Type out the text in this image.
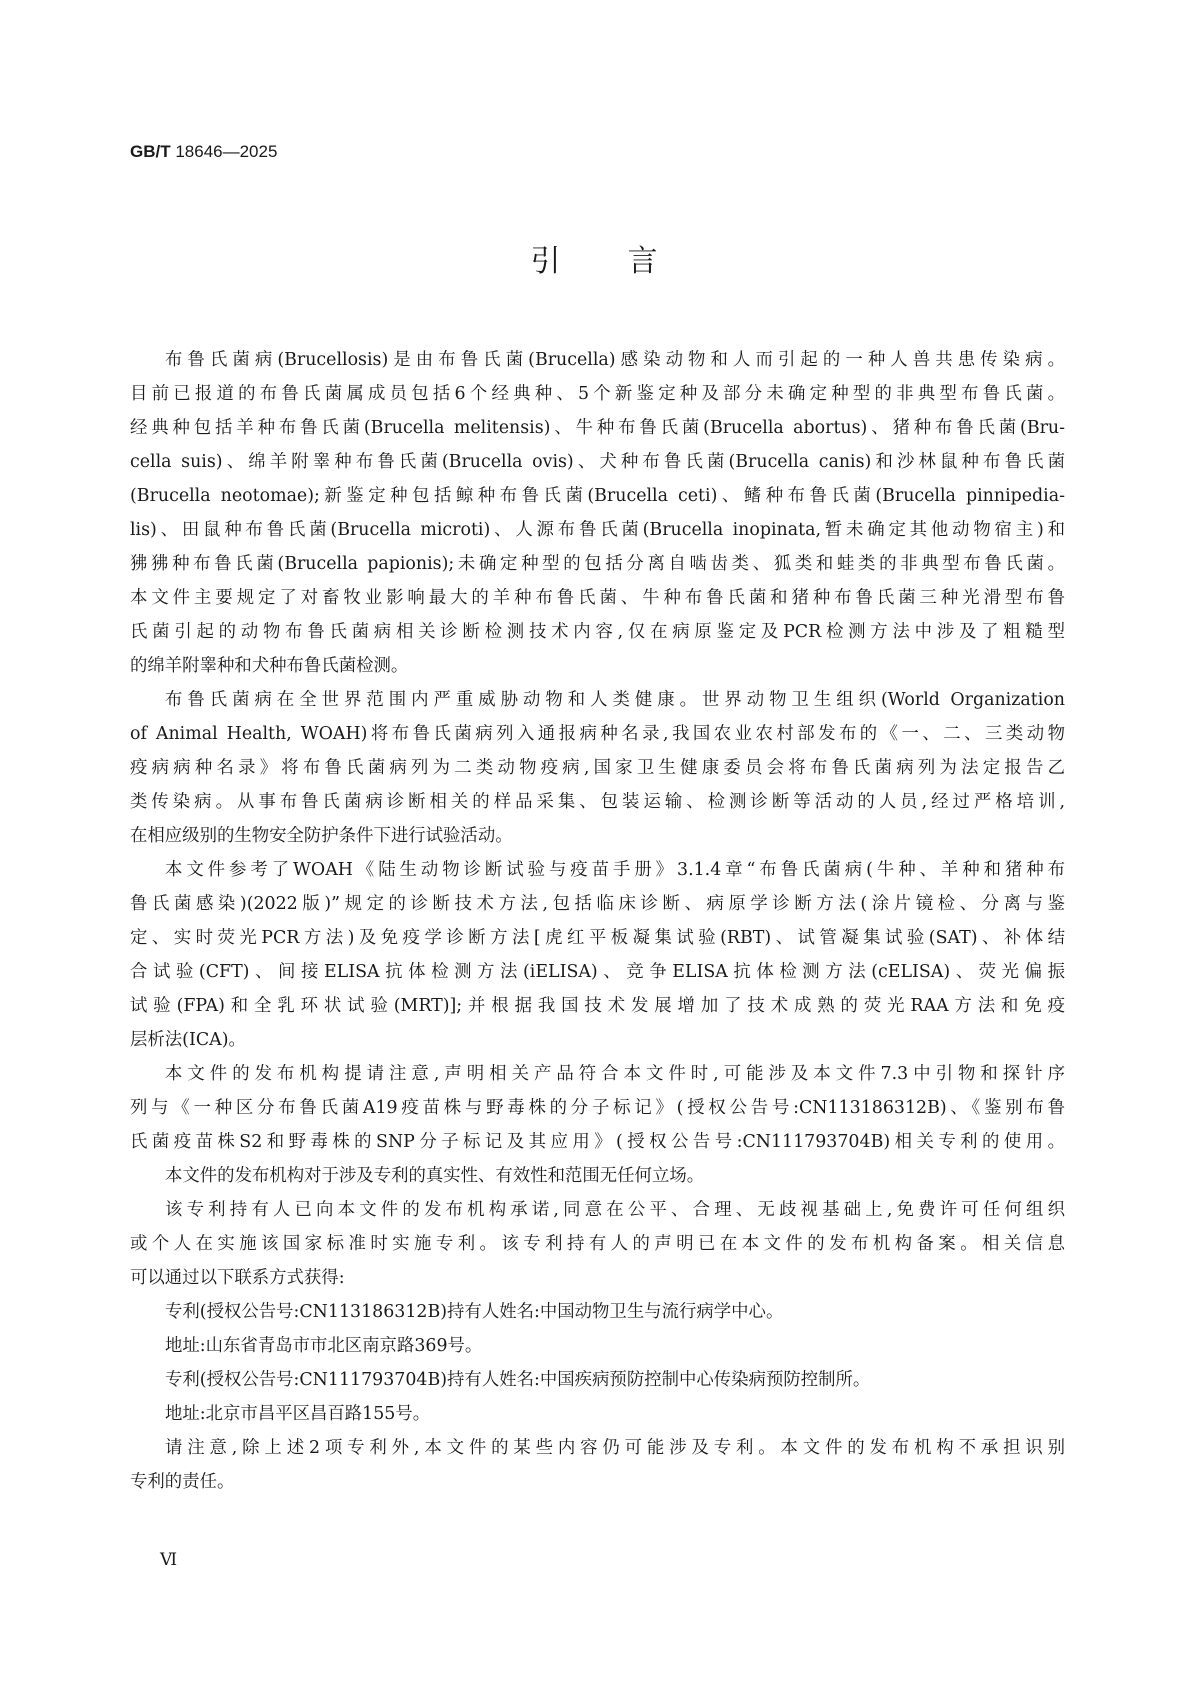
GB/T 18646—2025
引 言
布鲁氏菌病(Brucellosis)是由布鲁氏菌(Brucella)感染动物和人而引起的一种人兽共患传染病。
目前已报道的布鲁氏菌属成员包括6个经典种、5个新鉴定种及部分未确定种型的非典型布鲁氏菌。
经典种包括羊种布鲁氏菌(Brucella melitensis)、牛种布鲁氏菌(Brucella abortus)、猪种布鲁氏菌(Bru-
cella suis)、绵羊附睾种布鲁氏菌(Brucella ovis)、犬种布鲁氏菌(Brucella canis)和沙林鼠种布鲁氏菌
(Brucella neotomae);新鉴定种包括鲸种布鲁氏菌(Brucella ceti)、鳍种布鲁氏菌(Brucella pinnipedia-
lis)、田鼠种布鲁氏菌(Brucella microti)、人源布鲁氏菌(Brucella inopinata,暂未确定其他动物宿主)和
狒狒种布鲁氏菌(Brucella papionis);未确定种型的包括分离自啮齿类、狐类和蛙类的非典型布鲁氏菌。
本文件主要规定了对畜牧业影响最大的羊种布鲁氏菌、牛种布鲁氏菌和猪种布鲁氏菌三种光滑型布鲁
氏菌引起的动物布鲁氏菌病相关诊断检测技术内容,仅在病原鉴定及PCR检测方法中涉及了粗糙型
的绵羊附睾种和犬种布鲁氏菌检测。
布鲁氏菌病在全世界范围内严重威胁动物和人类健康。世界动物卫生组织(World Organization
of Animal Health, WOAH)将布鲁氏菌病列入通报病种名录,我国农业农村部发布的《一、二、三类动物
疫病病种名录》将布鲁氏菌病列为二类动物疫病,国家卫生健康委员会将布鲁氏菌病列为法定报告乙
类传染病。从事布鲁氏菌病诊断相关的样品采集、包装运输、检测诊断等活动的人员,经过严格培训,
在相应级别的生物安全防护条件下进行试验活动。
本文件参考了WOAH《陆生动物诊断试验与疫苗手册》3.1.4章“布鲁氏菌病(牛种、羊种和猪种布
鲁氏菌感染)(2022版)”规定的诊断技术方法,包括临床诊断、病原学诊断方法(涂片镜检、分离与鉴
定、实时荧光PCR方法)及免疫学诊断方法[虎红平板凝集试验(RBT)、试管凝集试验(SAT)、补体结
合试验(CFT)、间接ELISA抗体检测方法(iELISA)、竞争ELISA抗体检测方法(cELISA)、荧光偏振
试验(FPA)和全乳环状试验(MRT)];并根据我国技术发展增加了技术成熟的荧光RAA方法和免疫
层析法(ICA)。
本文件的发布机构提请注意,声明相关产品符合本文件时,可能涉及本文件7.3中引物和探针序
列与《一种区分布鲁氏菌A19疫苗株与野毒株的分子标记》(授权公告号:CN113186312B)、《鉴别布鲁
氏菌疫苗株S2和野毒株的SNP分子标记及其应用》(授权公告号:CN111793704B)相关专利的使用。
本文件的发布机构对于涉及专利的真实性、有效性和范围无任何立场。
该专利持有人已向本文件的发布机构承诺,同意在公平、合理、无歧视基础上,免费许可任何组织
或个人在实施该国家标准时实施专利。该专利持有人的声明已在本文件的发布机构备案。相关信息
可以通过以下联系方式获得:
专利(授权公告号:CN113186312B)持有人姓名:中国动物卫生与流行病学中心。
地址:山东省青岛市市北区南京路369号。
专利(授权公告号:CN111793704B)持有人姓名:中国疾病预防控制中心传染病预防控制所。
地址:北京市昌平区昌百路155号。
请注意,除上述2项专利外,本文件的某些内容仍可能涉及专利。本文件的发布机构不承担识别
专利的责任。
Ⅵ
